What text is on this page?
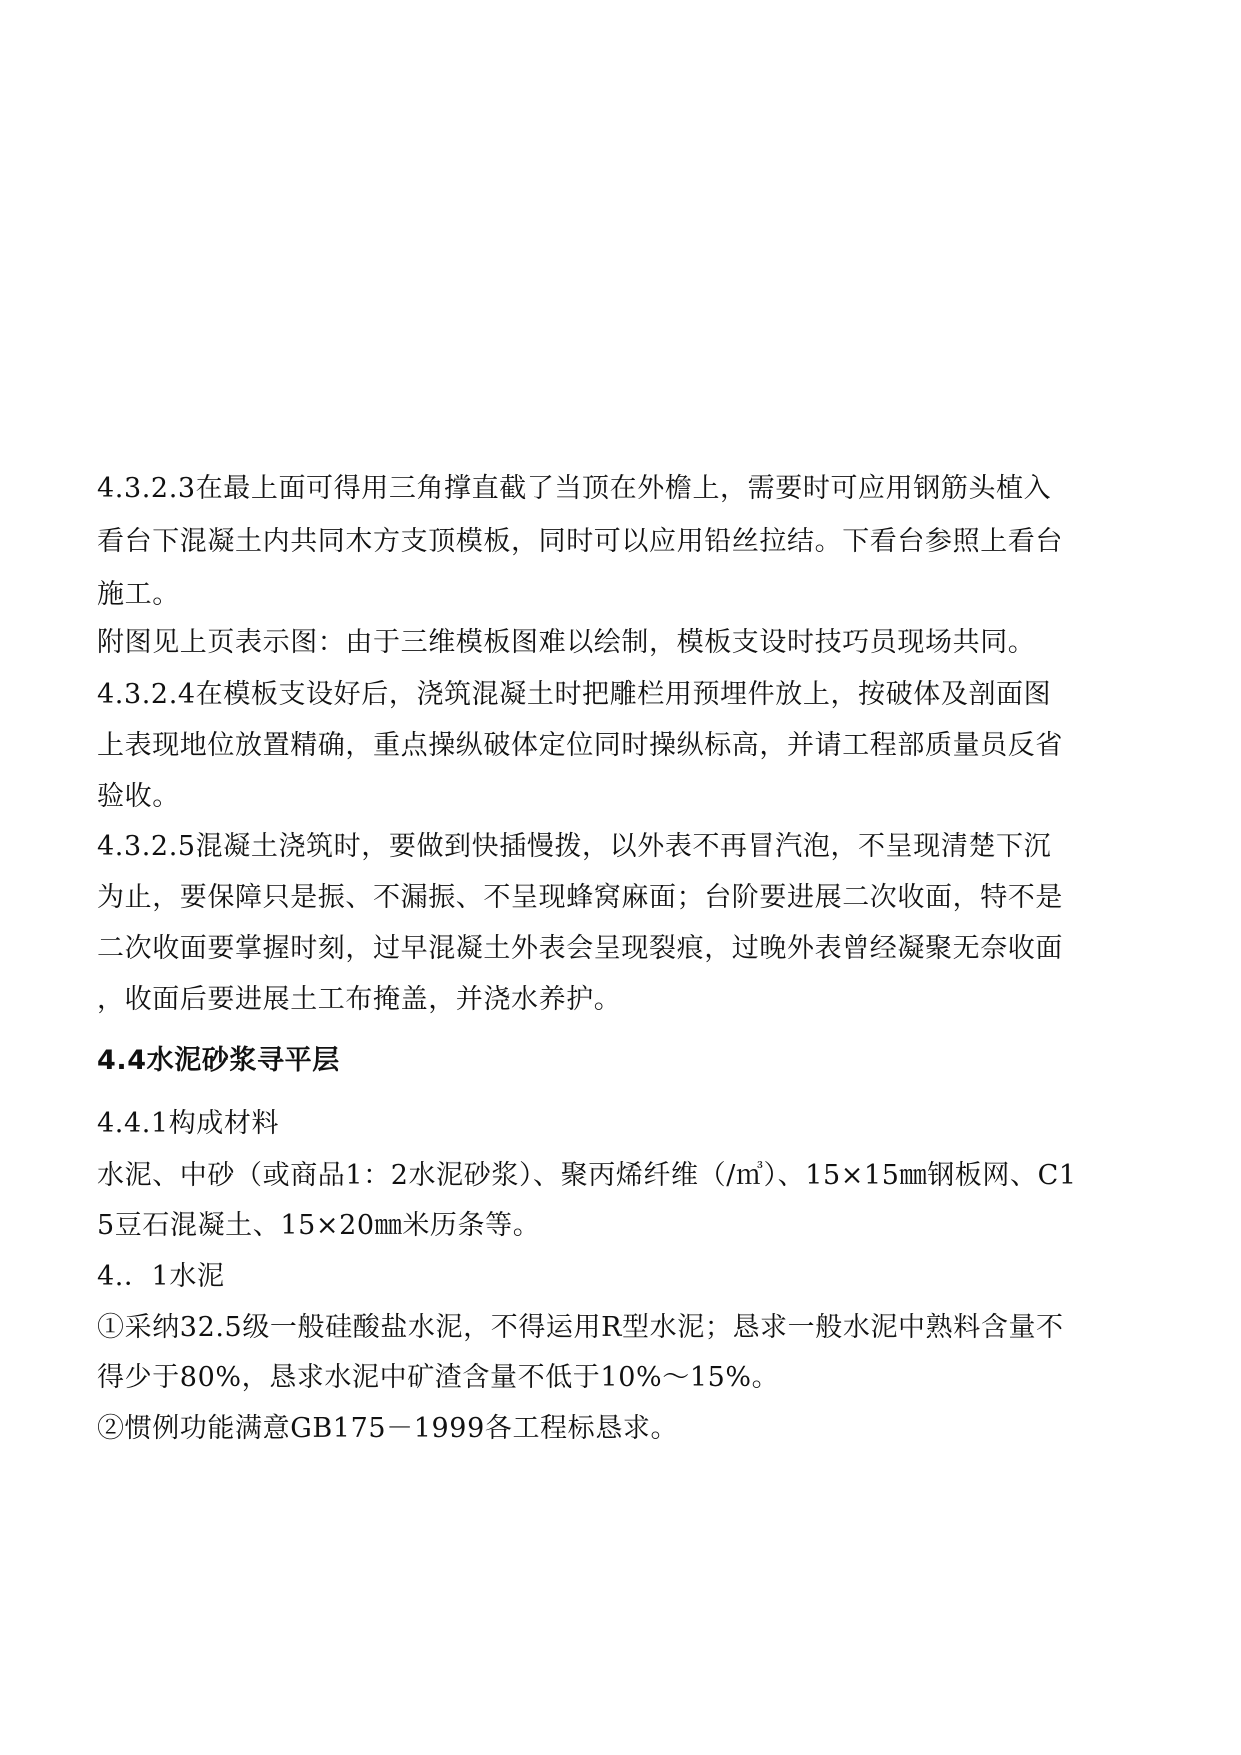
4.3.2.3在最上面可得用三角撑直截了当顶在外檐上，需要时可应用钢筋头植入
看台下混凝土内共同木方支顶模板，同时可以应用铅丝拉结。下看台参照上看台
施工。
附图见上页表示图：由于三维模板图难以绘制，模板支设时技巧员现场共同。
4.3.2.4在模板支设好后，浇筑混凝土时把雕栏用预埋件放上，按破体及剖面图
上表现地位放置精确，重点操纵破体定位同时操纵标高，并请工程部质量员反省
验收。
4.3.2.5混凝土浇筑时，要做到快插慢拨，以外表不再冒汽泡，不呈现清楚下沉
为止，要保障只是振、不漏振、不呈现蜂窝麻面；台阶要进展二次收面，特不是
二次收面要掌握时刻，过早混凝土外表会呈现裂痕，过晚外表曾经凝聚无奈收面
，收面后要进展土工布掩盖，并浇水养护。
4.4水泥砂浆寻平层
4.4.1构成材料
水泥、中砂（或商品1：2水泥砂浆）、聚丙烯纤维（/㎥）、15×15㎜钢板网、C1
5豆石混凝土、15×20㎜米历条等。
4.．1水泥
①采纳32.5级一般硅酸盐水泥，不得运用R型水泥；恳求一般水泥中熟料含量不
得少于80%，恳求水泥中矿渣含量不低于10%～15%。
②惯例功能满意GB175－1999各工程标恳求。
